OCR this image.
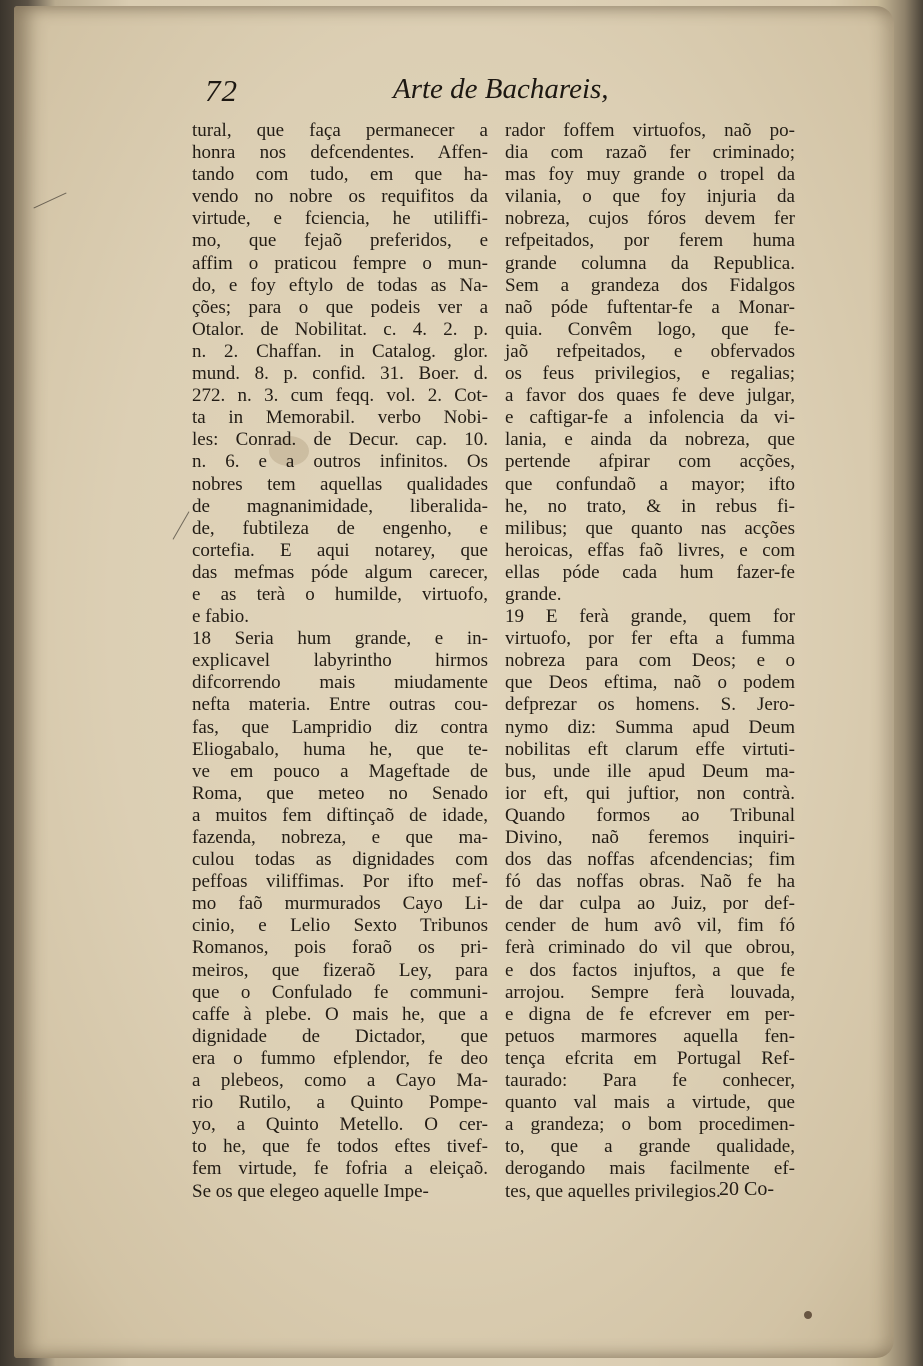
72	Arte de Bachareis,
tural, que faça permanecer a
honra nos defcendentes. Affen-
tando com tudo, em que ha-
vendo no nobre os requifitos da
virtude, e fciencia, he utiliffi-
mo, que fejaõ preferidos, e
affim o praticou fempre o mun-
do, e foy eftylo de todas as Na-
ções; para o que podeis ver a
Otalor. de Nobilitat. c. 4. 2. p.
n. 2. Chaffan. in Catalog. glor.
mund. 8. p. confid. 31. Boer. d.
272. n. 3. cum feqq. vol. 2. Cot-
ta in Memorabil. verbo Nobi-
les: Conrad. de Decur. cap. 10.
n. 6. e a outros infinitos. Os
nobres tem aquellas qualidades
de magnanimidade, liberalida-
de, fubtileza de engenho, e
cortefia. E aqui notarey, que
das mefmas póde algum carecer,
e as terà o humilde, virtuofo,
e fabio.
18 Seria hum grande, e in-
explicavel labyrintho hirmos
difcorrendo mais miudamente
nefta materia. Entre outras cou-
fas, que Lampridio diz contra
Eliogabalo, huma he, que te-
ve em pouco a Mageftade de
Roma, que meteo no Senado
a muitos fem diftinçaõ de idade,
fazenda, nobreza, e que ma-
culou todas as dignidades com
peffoas viliffimas. Por ifto mef-
mo faõ murmurados Cayo Li-
cinio, e Lelio Sexto Tribunos
Romanos, pois foraõ os pri-
meiros, que fizeraõ Ley, para
que o Confulado fe communi-
caffe à plebe. O mais he, que a
dignidade de Dictador, que
era o fummo efplendor, fe deo
a plebeos, como a Cayo Ma-
rio Rutilo, a Quinto Pompe-
yo, a Quinto Metello. O cer-
to he, que fe todos eftes tivef-
fem virtude, fe fofria a eleiçaõ.
Se os que elegeo aquelle Impe-
rador foffem virtuofos, naõ po-
dia com razaõ fer criminado;
mas foy muy grande o tropel da
vilania, o que foy injuria da
nobreza, cujos fóros devem fer
refpeitados, por ferem huma
grande columna da Republica.
Sem a grandeza dos Fidalgos
naõ póde fuftentar-fe a Monar-
quia. Convêm logo, que fe-
jaõ refpeitados, e obfervados
os feus privilegios, e regalias;
a favor dos quaes fe deve julgar,
e caftigar-fe a infolencia da vi-
lania, e ainda da nobreza, que
pertende afpirar com acções,
que confundaõ a mayor; ifto
he, no trato, & in rebus fi-
milibus; que quanto nas acções
heroicas, effas faõ livres, e com
ellas póde cada hum fazer-fe
grande.
19 E ferà grande, quem for
virtuofo, por fer efta a fumma
nobreza para com Deos; e o
que Deos eftima, naõ o podem
defprezar os homens. S. Jero-
nymo diz: Summa apud Deum
nobilitas eft clarum effe virtuti-
bus, unde ille apud Deum ma-
ior eft, qui juftior, non contrà.
Quando formos ao Tribunal
Divino, naõ feremos inquiri-
dos das noffas afcendencias; fim
fó das noffas obras. Naõ fe ha
de dar culpa ao Juiz, por def-
cender de hum avô vil, fim fó
ferà criminado do vil que obrou,
e dos factos injuftos, a que fe
arrojou. Sempre ferà louvada,
e digna de fe efcrever em per-
petuos marmores aquella fen-
tença efcrita em Portugal Ref-
taurado: Para fe conhecer,
quanto val mais a virtude, que
a grandeza; o bom procedimen-
to, que a grande qualidade,
derogando mais facilmente ef-
tes, que aquelles privilegios.
20 Co-
